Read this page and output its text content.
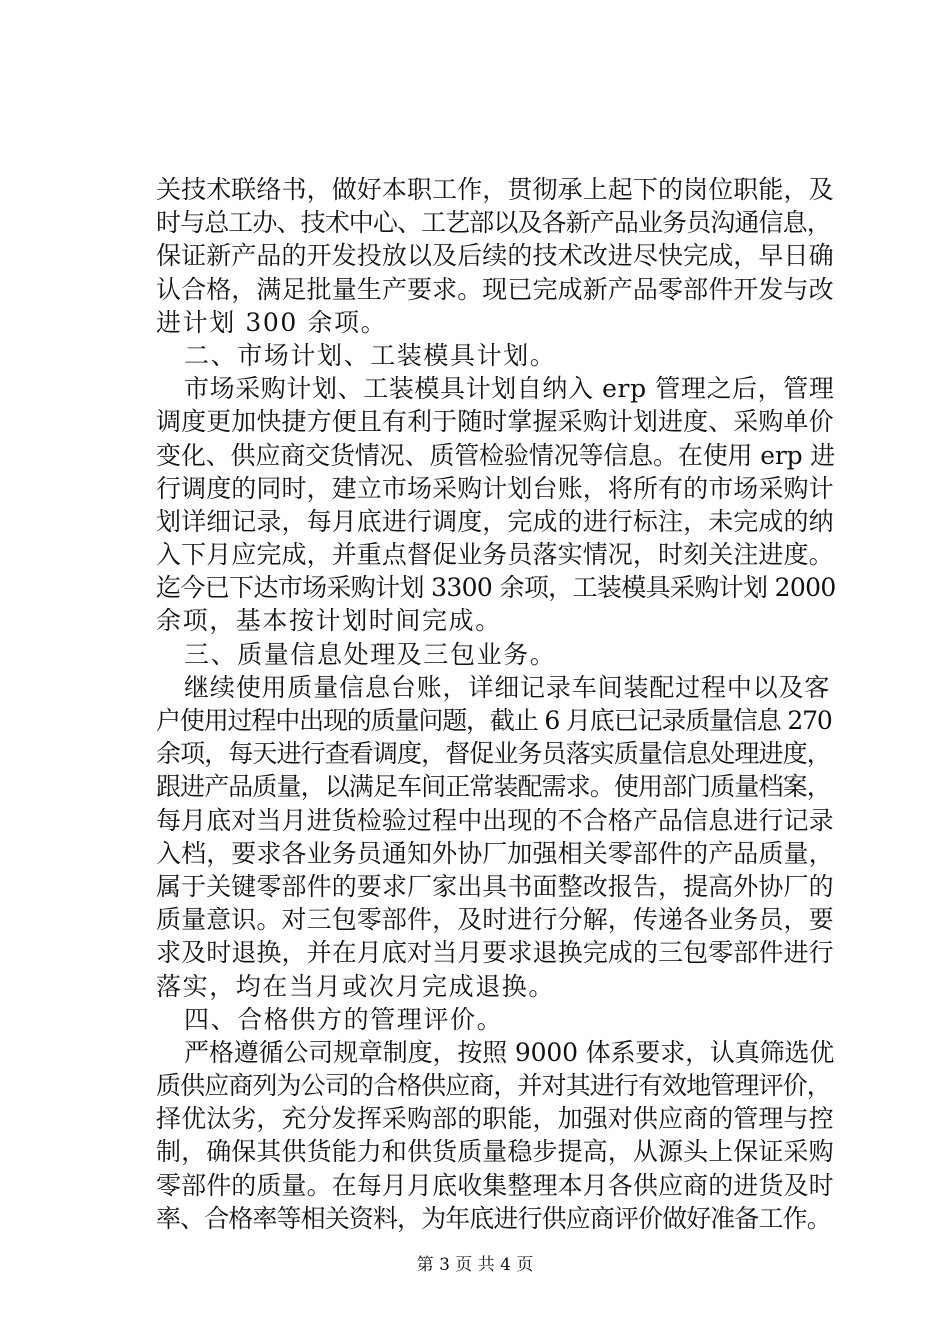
关技术联络书，做好本职工作，贯彻承上起下的岗位职能，及
时与总工办、技术中心、工艺部以及各新产品业务员沟通信息，
保证新产品的开发投放以及后续的技术改进尽快完成，早日确
认合格，满足批量生产要求。现已完成新产品零部件开发与改
进计划 300 余项。
二、市场计划、工装模具计划。
市场采购计划、工装模具计划自纳入 erp 管理之后，管理
调度更加快捷方便且有利于随时掌握采购计划进度、采购单价
变化、供应商交货情况、质管检验情况等信息。在使用 erp 进
行调度的同时，建立市场采购计划台账，将所有的市场采购计
划详细记录，每月底进行调度，完成的进行标注，未完成的纳
入下月应完成，并重点督促业务员落实情况，时刻关注进度。
迄今已下达市场采购计划 3300 余项，工装模具采购计划 2000
余项，基本按计划时间完成。
三、质量信息处理及三包业务。
继续使用质量信息台账，详细记录车间装配过程中以及客
户使用过程中出现的质量问题，截止 6 月底已记录质量信息 270
余项，每天进行查看调度，督促业务员落实质量信息处理进度，
跟进产品质量，以满足车间正常装配需求。使用部门质量档案，
每月底对当月进货检验过程中出现的不合格产品信息进行记录
入档，要求各业务员通知外协厂加强相关零部件的产品质量，
属于关键零部件的要求厂家出具书面整改报告，提高外协厂的
质量意识。对三包零部件，及时进行分解，传递各业务员，要
求及时退换，并在月底对当月要求退换完成的三包零部件进行
落实，均在当月或次月完成退换。
四、合格供方的管理评价。
严格遵循公司规章制度，按照 9000 体系要求，认真筛选优
质供应商列为公司的合格供应商，并对其进行有效地管理评价，
择优汰劣，充分发挥采购部的职能，加强对供应商的管理与控
制，确保其供货能力和供货质量稳步提高，从源头上保证采购
零部件的质量。在每月月底收集整理本月各供应商的进货及时
率、合格率等相关资料，为年底进行供应商评价做好准备工作。
第 3 页 共 4 页
